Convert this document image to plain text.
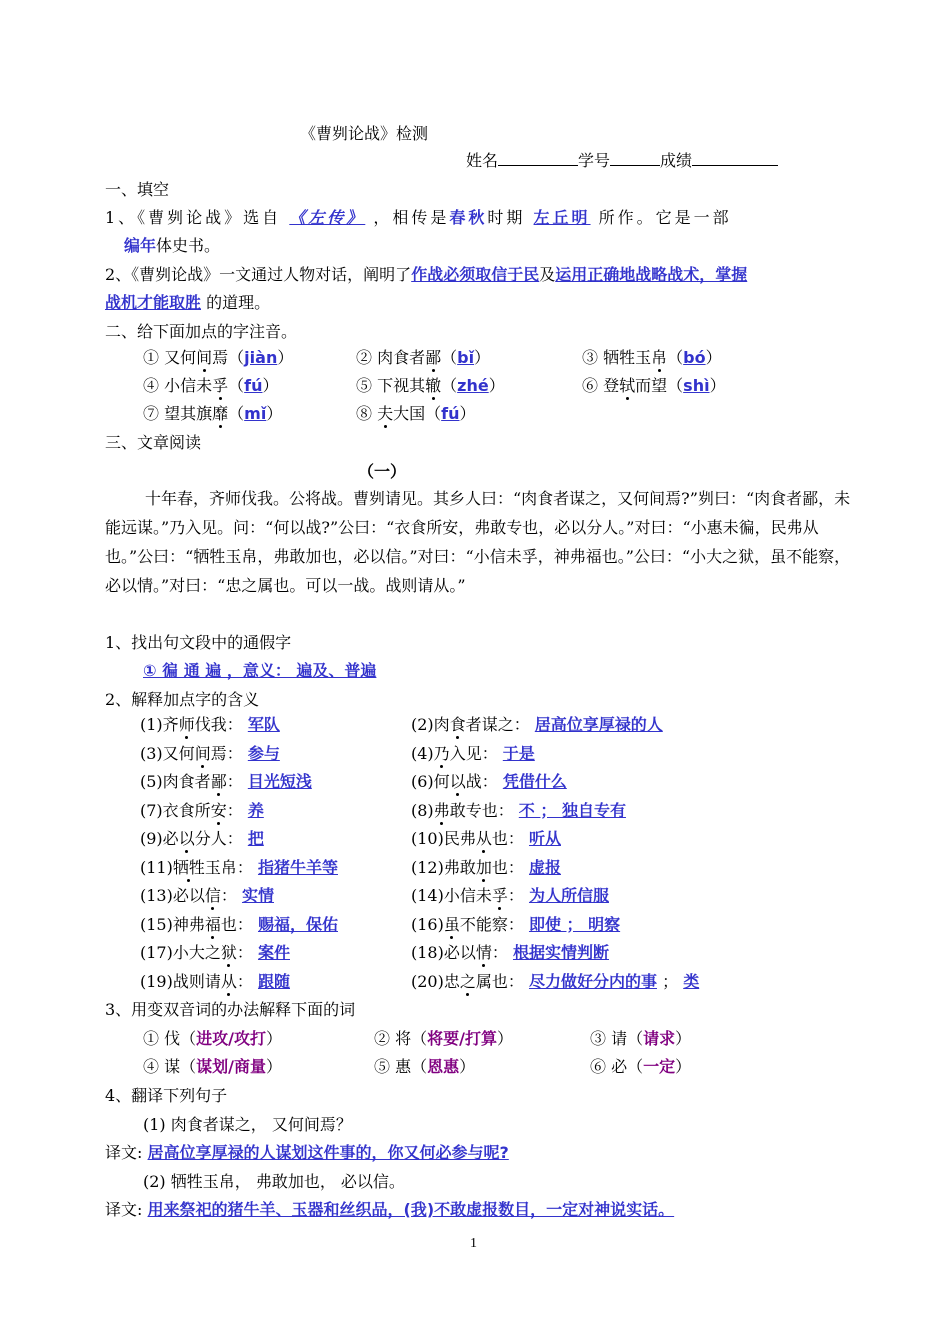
《曹刿论战》检测
姓名	学号	成绩
一、填空
1、《曹刿论战》选自 《左传》 ，相传是春秋时期 左丘明 所作。它是一部
编年体史书。
2、《曹刿论战》一文通过人物对话，阐明了作战必须取信于民及运用正确地战略战术，掌握
战机才能取胜 的道理。
二、给下面加点的字注音。
① 又何间焉（jiàn）	② 肉食者鄙（bǐ）	③ 牺牲玉帛（bó）
④ 小信未孚（fú）	⑤ 下视其辙（zhé）	⑥ 登轼而望（shì）
⑦ 望其旗靡（mǐ）	⑧ 夫大国（fú）
三、文章阅读
（一）
十年春，齐师伐我。公将战。曹刿请见。其乡人曰：“肉食者谋之，又何间焉?”刿曰：“肉食者鄙，未能远谋。”乃入见。问：“何以战?”公曰：“衣食所安，弗敢专也，必以分人。”对曰：“小惠未徧，民弗从也。”公曰：“牺牲玉帛，弗敢加也，必以信。”对曰：“小信未孚，神弗福也。”公曰：“小大之狱，虽不能察，必以情。”对曰：“忠之属也。可以一战。战则请从。”
1、找出句文段中的通假字
① 徧 通 遍 ，意义： 遍及、普遍
2、解释加点字的含义
(1)齐师伐我： 军队	(2)肉食者谋之： 居高位享厚禄的人
(3)又何间焉： 参与	(4)乃入见： 于是
(5)肉食者鄙： 目光短浅	(6)何以战： 凭借什么
(7)衣食所安： 养	(8)弗敢专也： 不 ； 独自专有
(9)必以分人： 把	(10)民弗从也： 听从
(11)牺牲玉帛： 指猪牛羊等	(12)弗敢加也： 虚报
(13)必以信： 实情	(14)小信未孚： 为人所信服
(15)神弗福也： 赐福，保佑	(16)虽不能察： 即使 ； 明察
(17)小大之狱： 案件	(18)必以情： 根据实情判断
(19)战则请从： 跟随	(20)忠之属也： 尽力做好分内的事 ； 类
3、用变双音词的办法解释下面的词
① 伐（进攻/攻打）	② 将（将要/打算）	③ 请（请求）
④ 谋（谋划/商量）	⑤ 惠（恩惠）	⑥ 必（一定）
4、翻译下列句子
(1) 肉食者谋之， 又何间焉？
译文: 居高位享厚禄的人谋划这件事的，你又何必参与呢?
(2) 牺牲玉帛， 弗敢加也， 必以信。
译文: 用来祭祀的猪牛羊、玉器和丝织品，(我)不敢虚报数目，一定对神说实话。
1
